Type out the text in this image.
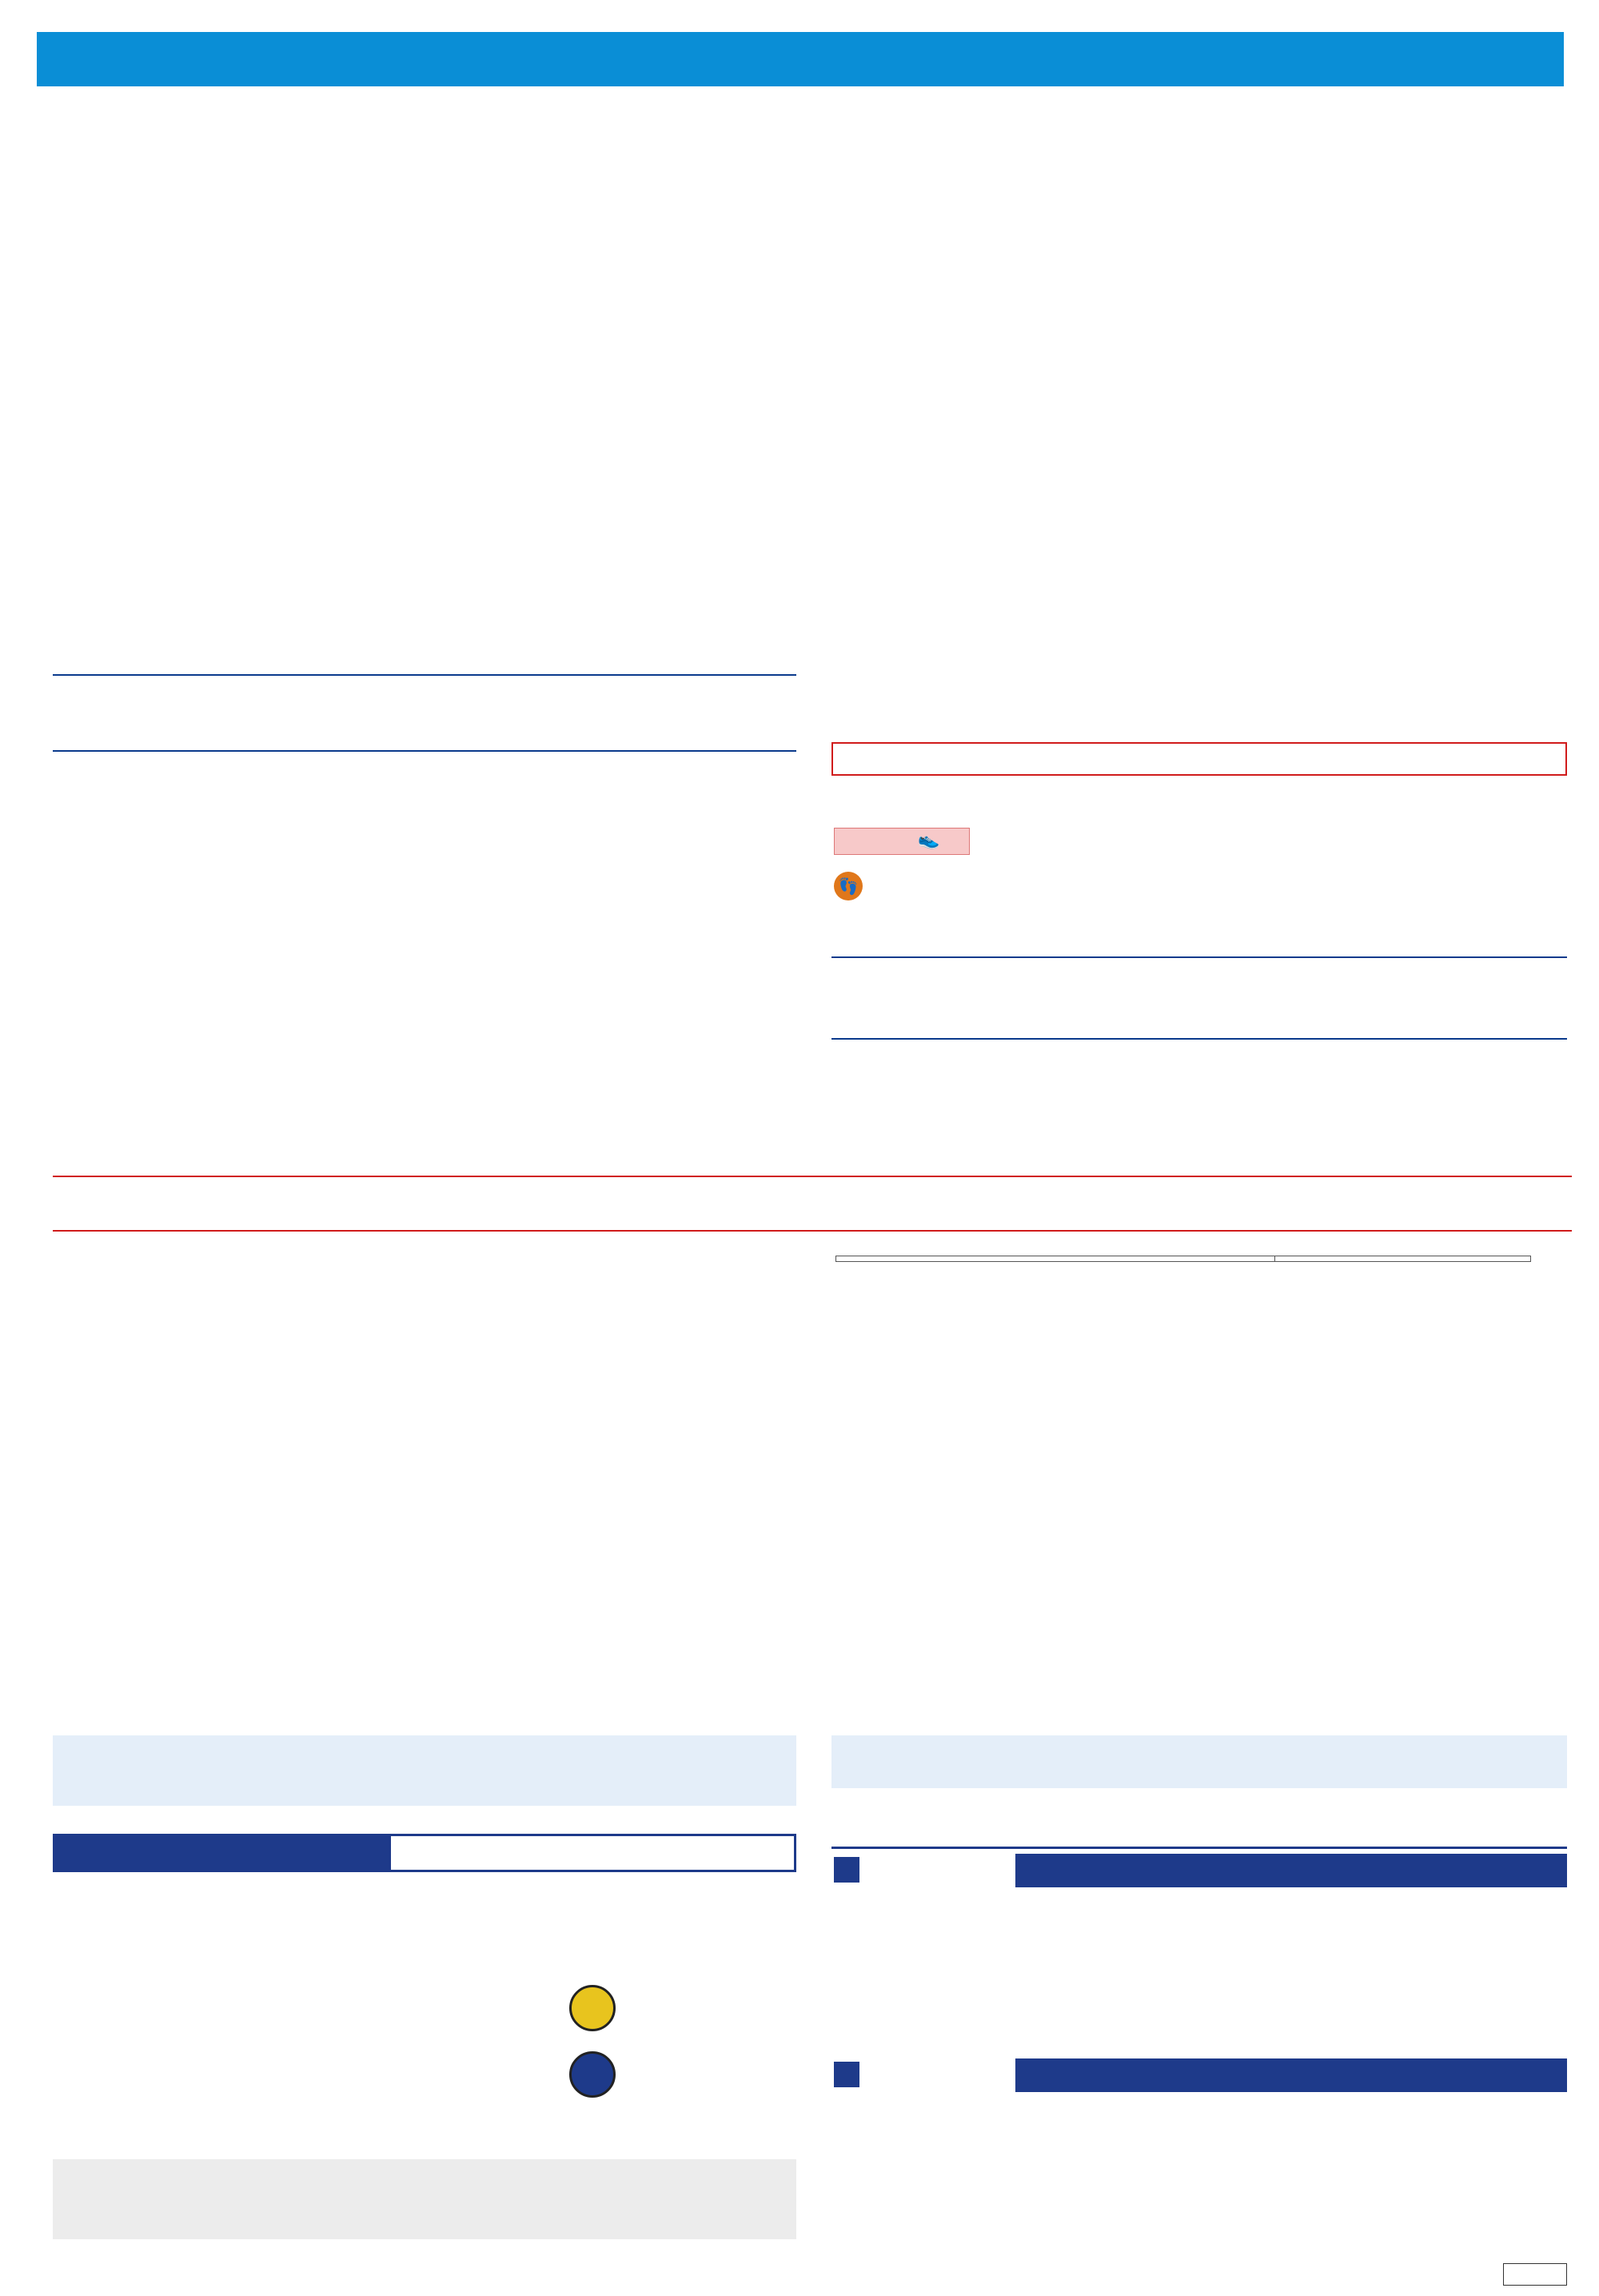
👟
👣
